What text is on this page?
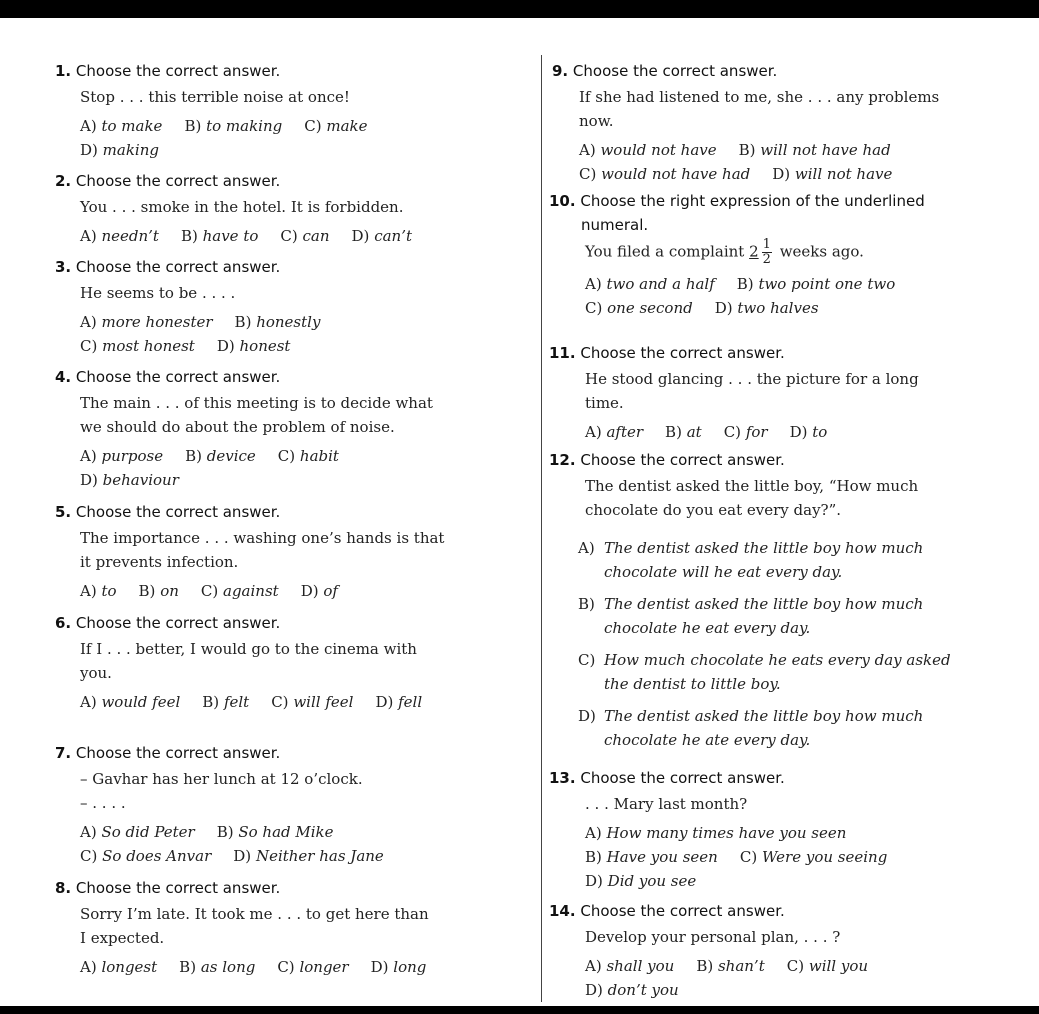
1. Choose the correct answer.
Stop . . . this terrible noise at once!
A) to make B) to making C) make
D) making
2. Choose the correct answer.
You . . . smoke in the hotel. It is forbidden.
A) needn’t B) have to C) can D) can’t
3. Choose the correct answer.
He seems to be . . . .
A) more honester B) honestly
C) most honest D) honest
4. Choose the correct answer.
The main . . . of this meeting is to decide what
we should do about the problem of noise.
A) purpose B) device C) habit
D) behaviour
5. Choose the correct answer.
The importance . . . washing one’s hands is that
it prevents infection.
A) to B) on C) against D) of
6. Choose the correct answer.
If I . . . better, I would go to the cinema with
you.
A) would feel B) felt C) will feel D) fell
7. Choose the correct answer.
– Gavhar has her lunch at 12 o’clock.
– . . . .
A) So did Peter B) So had Mike
C) So does Anvar D) Neither has Jane
8. Choose the correct answer.
Sorry I’m late. It took me . . . to get here than
I expected.
A) longest B) as long C) longer D) long
9. Choose the correct answer.
If she had listened to me, she . . . any problems
now.
A) would not have B) will not have had
C) would not have had D) will not have
10. Choose the right expression of the underlined
numeral.
You filed a complaint $2 \frac{1}{2}$ weeks ago.
A) two and a half B) two point one two
C) one second D) two halves
11. Choose the correct answer.
He stood glancing . . . the picture for a long
time.
A) after B) at C) for D) to
12. Choose the correct answer.
The dentist asked the little boy, “How much
chocolate do you eat every day?”.
A) The dentist asked the little boy how much
chocolate will he eat every day.
B) The dentist asked the little boy how much
chocolate he eat every day.
C) How much chocolate he eats every day asked
the dentist to little boy.
D) The dentist asked the little boy how much
chocolate he ate every day.
13. Choose the correct answer.
. . . Mary last month?
A) How many times have you seen
B) Have you seen C) Were you seeing
D) Did you see
14. Choose the correct answer.
Develop your personal plan, . . . ?
A) shall you B) shan’t C) will you
D) don’t you
